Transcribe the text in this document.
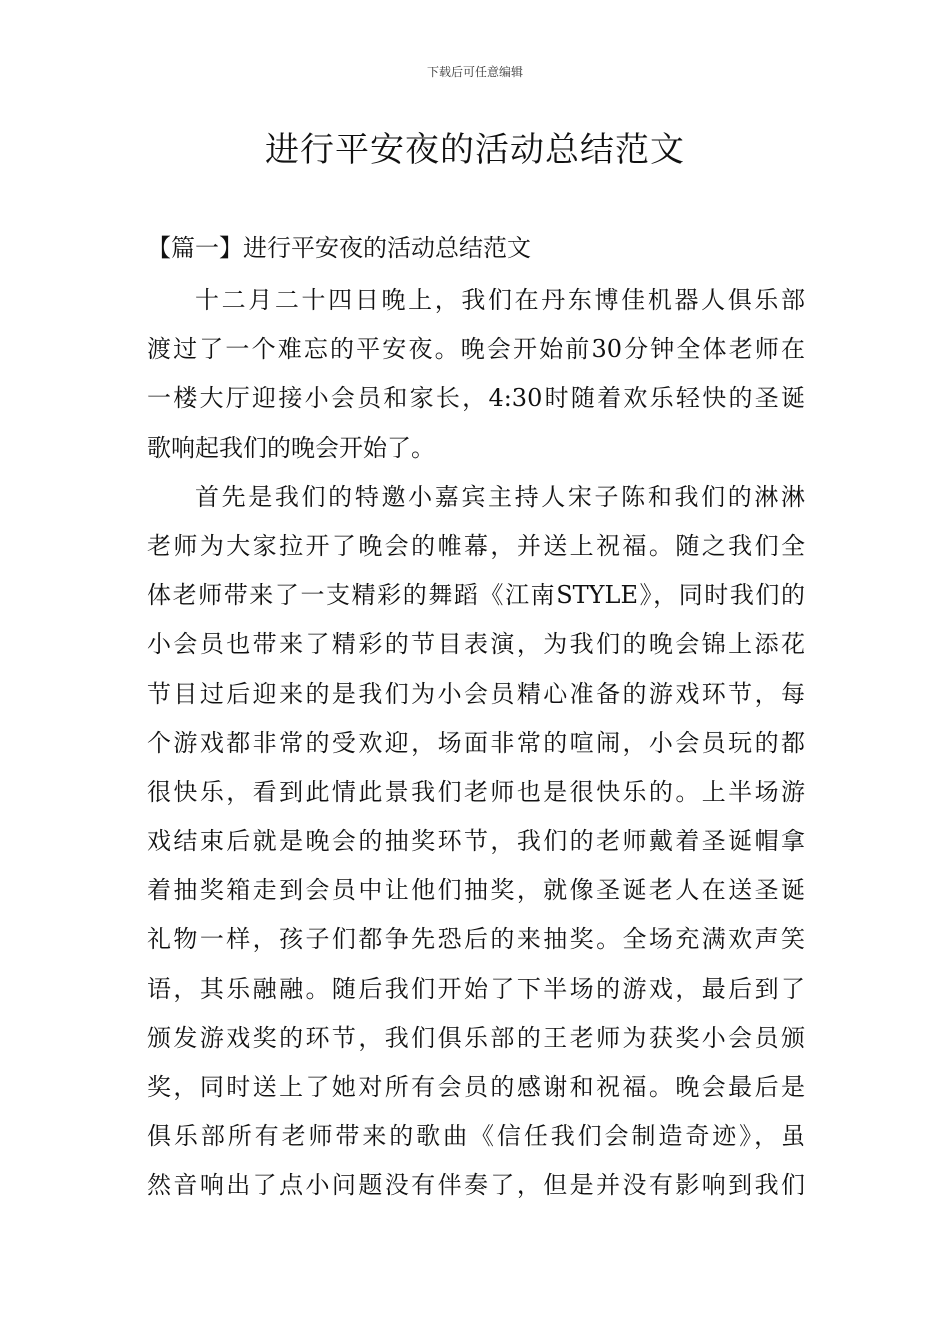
下载后可任意编辑
进行平安夜的活动总结范文
【篇一】进行平安夜的活动总结范文
十二月二十四日晚上，我们在丹东博佳机器人俱乐部
渡过了一个难忘的平安夜。晚会开始前30分钟全体老师在
一楼大厅迎接小会员和家长，4:30时随着欢乐轻快的圣诞
歌响起我们的晚会开始了。
首先是我们的特邀小嘉宾主持人宋子陈和我们的淋淋
老师为大家拉开了晚会的帷幕，并送上祝福。随之我们全
体老师带来了一支精彩的舞蹈《江南STYLE》，同时我们的
小会员也带来了精彩的节目表演，为我们的晚会锦上添花
节目过后迎来的是我们为小会员精心准备的游戏环节，每
个游戏都非常的受欢迎，场面非常的喧闹，小会员玩的都
很快乐，看到此情此景我们老师也是很快乐的。上半场游
戏结束后就是晚会的抽奖环节，我们的老师戴着圣诞帽拿
着抽奖箱走到会员中让他们抽奖，就像圣诞老人在送圣诞
礼物一样，孩子们都争先恐后的来抽奖。全场充满欢声笑
语，其乐融融。随后我们开始了下半场的游戏，最后到了
颁发游戏奖的环节，我们俱乐部的王老师为获奖小会员颁
奖，同时送上了她对所有会员的感谢和祝福。晚会最后是
俱乐部所有老师带来的歌曲《信任我们会制造奇迹》，虽
然音响出了点小问题没有伴奏了，但是并没有影响到我们
